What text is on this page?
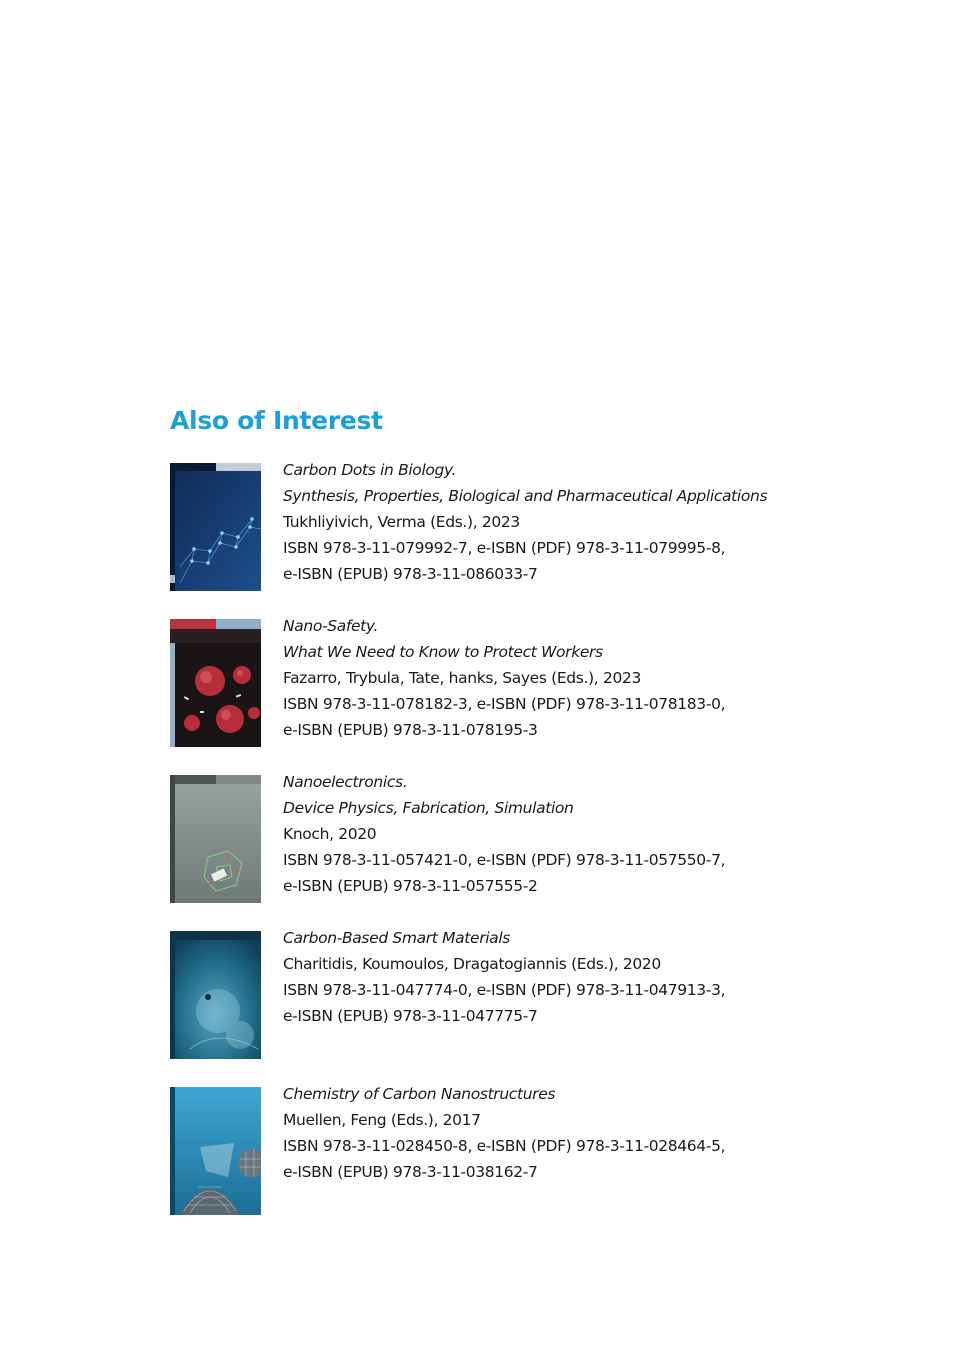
Also of Interest
Carbon Dots in Biology.
Synthesis, Properties, Biological and Pharmaceutical Applications
Tukhliyivich, Verma (Eds.), 2023
ISBN 978-3-11-079992-7, e-ISBN (PDF) 978-3-11-079995-8,
e-ISBN (EPUB) 978-3-11-086033-7
Nano-Safety.
What We Need to Know to Protect Workers
Fazarro, Trybula, Tate, hanks, Sayes (Eds.), 2023
ISBN 978-3-11-078182-3, e-ISBN (PDF) 978-3-11-078183-0,
e-ISBN (EPUB) 978-3-11-078195-3
Nanoelectronics.
Device Physics, Fabrication, Simulation
Knoch, 2020
ISBN 978-3-11-057421-0, e-ISBN (PDF) 978-3-11-057550-7,
e-ISBN (EPUB) 978-3-11-057555-2
Carbon-Based Smart Materials
Charitidis, Koumoulos, Dragatogiannis (Eds.), 2020
ISBN 978-3-11-047774-0, e-ISBN (PDF) 978-3-11-047913-3,
e-ISBN (EPUB) 978-3-11-047775-7
Chemistry of Carbon Nanostructures
Muellen, Feng (Eds.), 2017
ISBN 978-3-11-028450-8, e-ISBN (PDF) 978-3-11-028464-5,
e-ISBN (EPUB) 978-3-11-038162-7
